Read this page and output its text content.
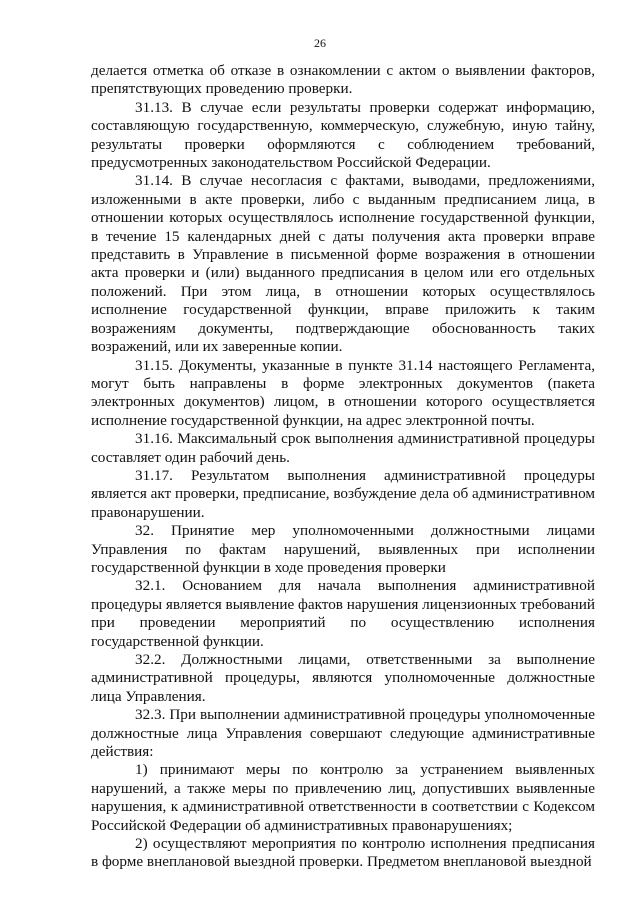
26

делается отметка об отказе в ознакомлении с актом о выявлении факторов, препятствующих проведению проверки.

31.13. В случае если результаты проверки содержат информацию, составляющую государственную, коммерческую, служебную, иную тайну, результаты проверки оформляются с соблюдением требований, предусмотренных законодательством Российской Федерации.

31.14. В случае несогласия с фактами, выводами, предложениями, изложенными в акте проверки, либо с выданным предписанием лица, в отношении которых осуществлялось исполнение государственной функции, в течение 15 календарных дней с даты получения акта проверки вправе представить в Управление в письменной форме возражения в отношении акта проверки и (или) выданного предписания в целом или его отдельных положений. При этом лица, в отношении которых осуществлялось исполнение государственной функции, вправе приложить к таким возражениям документы, подтверждающие обоснованность таких возражений, или их заверенные копии.

31.15. Документы, указанные в пункте 31.14 настоящего Регламента, могут быть направлены в форме электронных документов (пакета электронных документов) лицом, в отношении которого осуществляется исполнение государственной функции, на адрес электронной почты.

31.16. Максимальный срок выполнения административной процедуры составляет один рабочий день.

31.17. Результатом выполнения административной процедуры является акт проверки, предписание, возбуждение дела об административном правонарушении.

32. Принятие мер уполномоченными должностными лицами Управления по фактам нарушений, выявленных при исполнении государственной функции в ходе проведения проверки

32.1. Основанием для начала выполнения административной процедуры является выявление фактов нарушения лицензионных требований при проведении мероприятий по осуществлению исполнения государственной функции.

32.2. Должностными лицами, ответственными за выполнение административной процедуры, являются уполномоченные должностные лица Управления.

32.3. При выполнении административной процедуры уполномоченные должностные лица Управления совершают следующие административные действия:

1) принимают меры по контролю за устранением выявленных нарушений, а также меры по привлечению лиц, допустивших выявленные нарушения, к административной ответственности в соответствии с Кодексом Российской Федерации об административных правонарушениях;

2) осуществляют мероприятия по контролю исполнения предписания в форме внеплановой выездной проверки. Предметом внеплановой выездной
